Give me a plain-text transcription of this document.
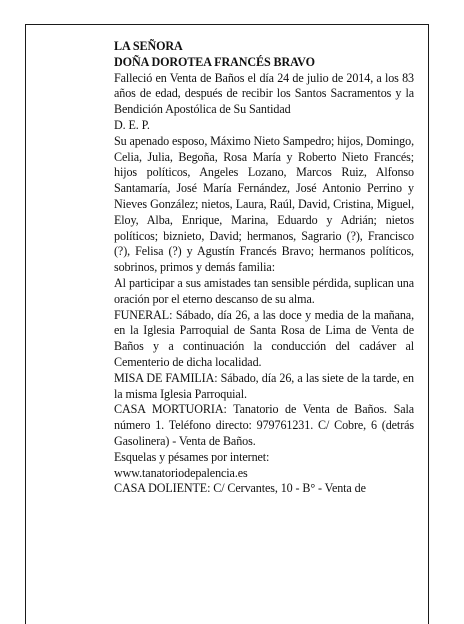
LA SEÑORA

DOÑA DOROTEA FRANCÉS BRAVO

Falleció en Venta de Baños el día 24 de julio de 2014, a los 83 años de edad, después de recibir los Santos Sacramentos y la Bendición Apostólica de Su Santidad

D. E. P.

Su apenado esposo, Máximo Nieto Sampedro; hijos, Domingo, Celia, Julia, Begoña, Rosa María y Roberto Nieto Francés; hijos políticos, Angeles Lozano, Marcos Ruiz, Alfonso Santamaría, José María Fernández, José Antonio Perrino y Nieves González; nietos, Laura, Raúl, David, Cristina, Miguel, Eloy, Alba, Enrique, Marina, Eduardo y Adrián; nietos políticos; biznieto, David; hermanos, Sagrario (?), Francisco (?), Felisa (?) y Agustín Francés Bravo; hermanos políticos, sobrinos, primos y demás familia:

Al participar a sus amistades tan sensible pérdida, suplican una oración por el eterno descanso de su alma.

FUNERAL: Sábado, día 26, a las doce y media de la mañana, en la Iglesia Parroquial de Santa Rosa de Lima de Venta de Baños y a continuación la conducción del cadáver al Cementerio de dicha localidad.

MISA DE FAMILIA: Sábado, día 26, a las siete de la tarde, en la misma Iglesia Parroquial.

CASA MORTUORIA: Tanatorio de Venta de Baños. Sala número 1. Teléfono directo: 979761231. C/ Cobre, 6 (detrás Gasolinera) - Venta de Baños.

Esquelas y pésames por internet:

www.tanatoriodepalencia.es

CASA DOLIENTE: C/ Cervantes, 10 - B° - Venta de
